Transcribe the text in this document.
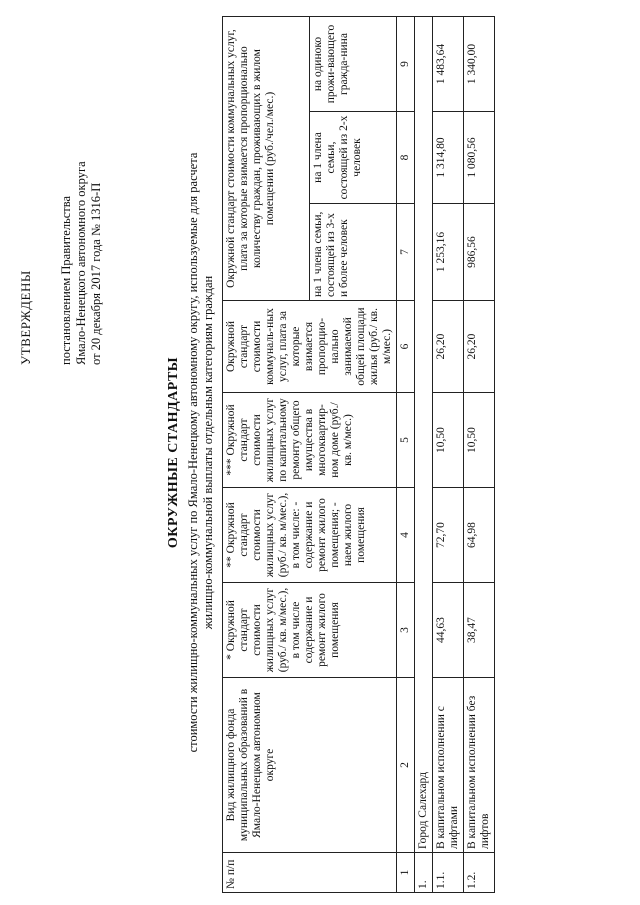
УТВЕРЖДЕНЫ постановлением Правительства Ямало-Ненецкого автономного округа от 20 декабря 2017 года № 1316-П
ОКРУЖНЫЕ СТАНДАРТЫ стоимости жилищно-коммунальных услуг по Ямало-Ненецкому автономному округу, используемые для расчета жилищно-коммунальной выплаты отдельным категориям граждан
№ п/п	Вид жилищного фонда муниципальных образований в Ямало-Ненецком автономном округе	* Окружной стандарт стоимости жилищных услуг (руб./ кв. м/мес.), в том числе содержание и ремонт жилого помещения	** Окружной стандарт стоимости жилищных услуг (руб./ кв. м/мес.), в том числе: - содержание и ремонт жилого помещения; - наем жилого помещения	*** Окружной стандарт стоимости жилищных услуг по капитальному ремонту общего имущества в многоквартир-ном доме (руб./ кв. м/мес.)	Окружной стандарт стоимости коммуналь-ных услуг, плата за которые взимается пропорцио-нально занимаемой общей площади жилья (руб./ кв. м/мес.)	Окружной стандарт стоимости коммунальных услуг, плата за которые взимается пропорционально количеству граждан, проживающих в жилом помещении (руб./чел./мес.)		
						на 1 члена семьи, состоящей из 3-х и более человек	на 1 члена семьи, состоящей из 2-х человек	на одиноко прожи-вающего гражда-нина
1	2	3	4	5	6	7	8	9
1.	Город Салехард							
1.1.	В капитальном исполнении с лифтами	44,63	72,70	10,50	26,20	1 253,16	1 314,80	1 483,64
1.2.	В капитальном исполнении без лифтов	38,47	64,98	10,50	26,20	986,56	1 080,56	1 340,00
